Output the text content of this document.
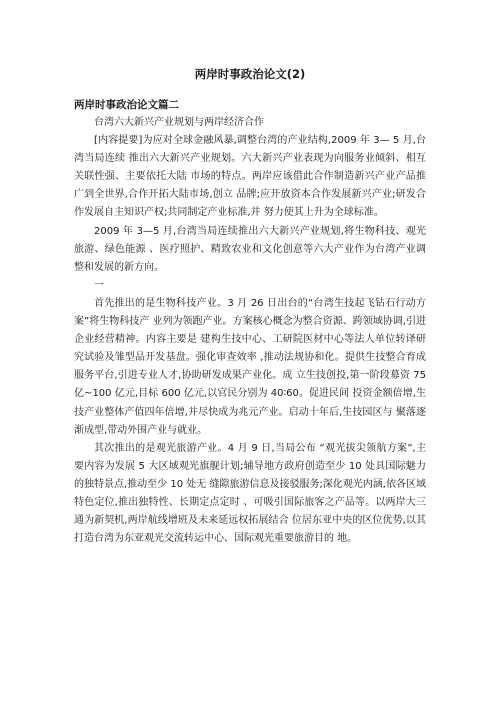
两岸时事政治论文(2)
两岸时事政治论文篇二

台湾六大新兴产业规划与两岸经济合作

[内容提要]为应对全球金融风暴,调整台湾的产业结构,2009 年 3— 5 月,台湾当局连续 推出六大新兴产业规划。六大新兴产业表现为向服务业倾斜、相互关联性强、主要依托大陆 市场的特点。两岸应该借此合作制造新兴产业产品推广到全世界,合作开拓大陆市场,创立 品牌;应开放资本合作发展新兴产业;研发合作发展自主知识产权;共同制定产业标准,并 努力使其上升为全球标准。

2009 年 3—5 月,台湾当局连续推出六大新兴产业规划,将生物科技、观光旅游、绿色能源 、医疗照护、精致农业和文化创意等六大产业作为台湾产业调整和发展的新方向。

一

首先推出的是生物科技产业。3 月 26 日出台的“台湾生技起飞钻石行动方案”将生物科技产 业列为领跑产业。方案核心概念为整合资源、跨领域协调,引进企业经营精神。内容主要是 建构生技中心、工研院医材中心等法人单位转译研究试验及雏型品开发基盘。强化审查效率 ,推动法规协和化。提供生技整合育成服务平台,引进专业人才,协助研发成果产业化。成 立生技创投,第一阶段募资 75 亿~100 亿元,目标 600 亿元,以官民分别为 40∶60。促进民间 投资金额倍增,生技产业整体产值四年倍增,并尽快成为兆元产业。启动十年后,生技园区与 聚落逐渐成型,带动外围产业与就业。

其次推出的是观光旅游产业。4 月 9 日,当局公布 “观光拔尖领航方案”,主要内容为发展 5 大区域观光旗舰计划;辅导地方政府创造至少 10 处具国际魅力的独特景点,推动至少 10 处无 缝隙旅游信息及接驳服务;深化观光内涵,依各区域特色定位,推出独特性、长期定点定时 、可吸引国际旅客之产品等。以两岸大三通为新契机,两岸航线增班及未来延远权拓展结合 位居东亚中央的区位优势,以其打造台湾为东亚观光交流转运中心、国际观光重要旅游目的 地。
